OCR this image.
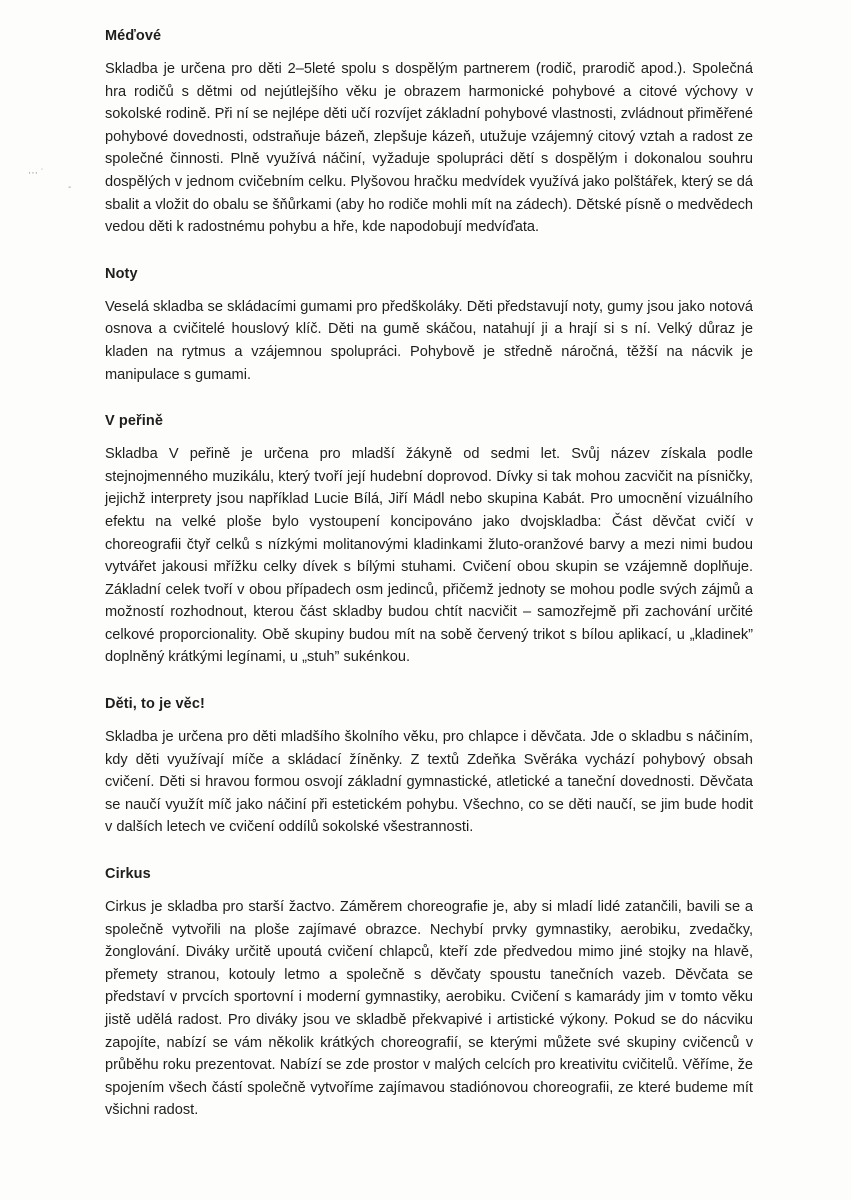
⋯ ˙
-
Méďové

Skladba je určena pro děti 2–5leté spolu s dospělým partnerem (rodič, prarodič apod.). Společná hra rodičů s dětmi od nejútlejšího věku je obrazem harmonické pohybové a citové výchovy v sokolské rodině. Při ní se nejlépe děti učí rozvíjet základní pohybové vlastnosti, zvládnout přiměřené pohybové dovednosti, odstraňuje bázeň, zlepšuje kázeň, utužuje vzájemný citový vztah a radost ze společné činnosti. Plně využívá náčiní, vyžaduje spolupráci dětí s dospělým i dokonalou souhru dospělých v jednom cvičebním celku. Plyšovou hračku medvídek využívá jako polštářek, který se dá sbalit a vložit do obalu se šňůrkami (aby ho rodiče mohli mít na zádech). Dětské písně o medvědech vedou děti k radostnému pohybu a hře, kde napodobují medvíďata.

Noty

Veselá skladba se skládacími gumami pro předškoláky. Děti představují noty, gumy jsou jako notová osnova a cvičitelé houslový klíč. Děti na gumě skáčou, natahují ji a hrají si s ní. Velký důraz je kladen na rytmus a vzájemnou spolupráci. Pohybově je středně náročná, těžší na nácvik je manipulace s gumami.

V peřině

Skladba V peřině je určena pro mladší žákyně od sedmi let. Svůj název získala podle stejnojmenného muzikálu, který tvoří její hudební doprovod. Dívky si tak mohou zacvičit na písničky, jejichž interprety jsou například Lucie Bílá, Jiří Mádl nebo skupina Kabát. Pro umocnění vizuálního efektu na velké ploše bylo vystoupení koncipováno jako dvojskladba: Část děvčat cvičí v choreografii čtyř celků s nízkými molitanovými kladinkami žluto-oranžové barvy a mezi nimi budou vytvářet jakousi mřížku celky dívek s bílými stuhami. Cvičení obou skupin se vzájemně doplňuje. Základní celek tvoří v obou případech osm jedinců, přičemž jednoty se mohou podle svých zájmů a možností rozhodnout, kterou část skladby budou chtít nacvičit – samozřejmě při zachování určité celkové proporcionality. Obě skupiny budou mít na sobě červený trikot s bílou aplikací, u „kladinek” doplněný krátkými legínami, u „stuh” sukénkou.

Děti, to je věc!

Skladba je určena pro děti mladšího školního věku, pro chlapce i děvčata. Jde o skladbu s náčiním, kdy děti využívají míče a skládací žíněnky. Z textů Zdeňka Svěráka vychází pohybový obsah cvičení. Děti si hravou formou osvojí základní gymnastické, atletické a taneční dovednosti. Děvčata se naučí využít míč jako náčiní při estetickém pohybu. Všechno, co se děti naučí, se jim bude hodit v dalších letech ve cvičení oddílů sokolské všestrannosti.

Cirkus

Cirkus je skladba pro starší žactvo. Záměrem choreografie je, aby si mladí lidé zatančili, bavili se a společně vytvořili na ploše zajímavé obrazce. Nechybí prvky gymnastiky, aerobiku, zvedačky, žonglování. Diváky určitě upoutá cvičení chlapců, kteří zde předvedou mimo jiné stojky na hlavě, přemety stranou, kotouly letmo a společně s děvčaty spoustu tanečních vazeb. Děvčata se představí v prvcích sportovní i moderní gymnastiky, aerobiku. Cvičení s kamarády jim v tomto věku jistě udělá radost. Pro diváky jsou ve skladbě překvapivé i artistické výkony. Pokud se do nácviku zapojíte, nabízí se vám několik krátkých choreografií, se kterými můžete své skupiny cvičenců v průběhu roku prezentovat. Nabízí se zde prostor v malých celcích pro kreativitu cvičitelů. Věříme, že spojením všech částí společně vytvoříme zajímavou stadiónovou choreografii, ze které budeme mít všichni radost.
